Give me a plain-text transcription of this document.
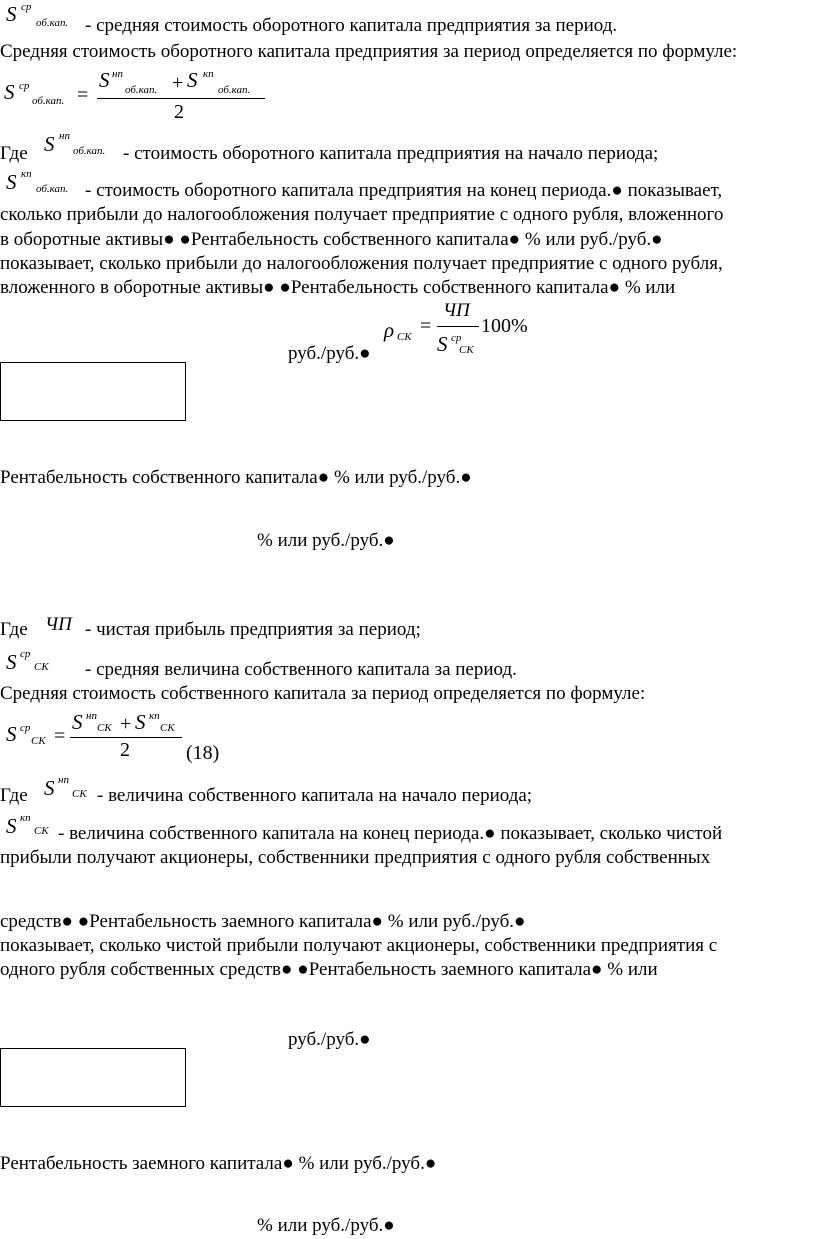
S ср
об.кап. - средняя стоимость оборотного капитала предприятия за период.
Средняя стоимость оборотного капитала предприятия за период определяется по формуле:
S ср
об.кап. =
S нп
об.кап. + S кп
об.кап.
2
Где S нп
об.кап. - стоимость оборотного капитала предприятия на начало периода;
S кп
об.кап. - стоимость оборотного капитала предприятия на конец периода.● показывает,
сколько прибыли до налогообложения получает предприятие с одного рубля, вложенного
в оборотные активы● ●Рентабельность собственного капитала● % или руб./руб.●
показывает, сколько прибыли до налогообложения получает предприятие с одного рубля,
вложенного в оборотные активы● ●Рентабельность собственного капитала● % или
ρ СК =
ЧП
S ср
СК
100%
руб./руб.●
Рентабельность собственного капитала● % или руб./руб.●
% или руб./руб.●
Где ЧП - чистая прибыль предприятия за период;
S ср
СК - средняя величина собственного капитала за период.
Средняя стоимость собственного капитала за период определяется по формуле:
S ср
СК =
S нп
СК + S кп
СК
2	(18)
Где S нп
СК - величина собственного капитала на начало периода;
S кп
СК - величина собственного капитала на конец периода.● показывает, сколько чистой
прибыли получают акционеры, собственники предприятия с одного рубля собственных
средств● ●Рентабельность заемного капитала● % или руб./руб.●
показывает, сколько чистой прибыли получают акционеры, собственники предприятия с
одного рубля собственных средств● ●Рентабельность заемного капитала● % или
руб./руб.●
Рентабельность заемного капитала● % или руб./руб.●
% или руб./руб.●
